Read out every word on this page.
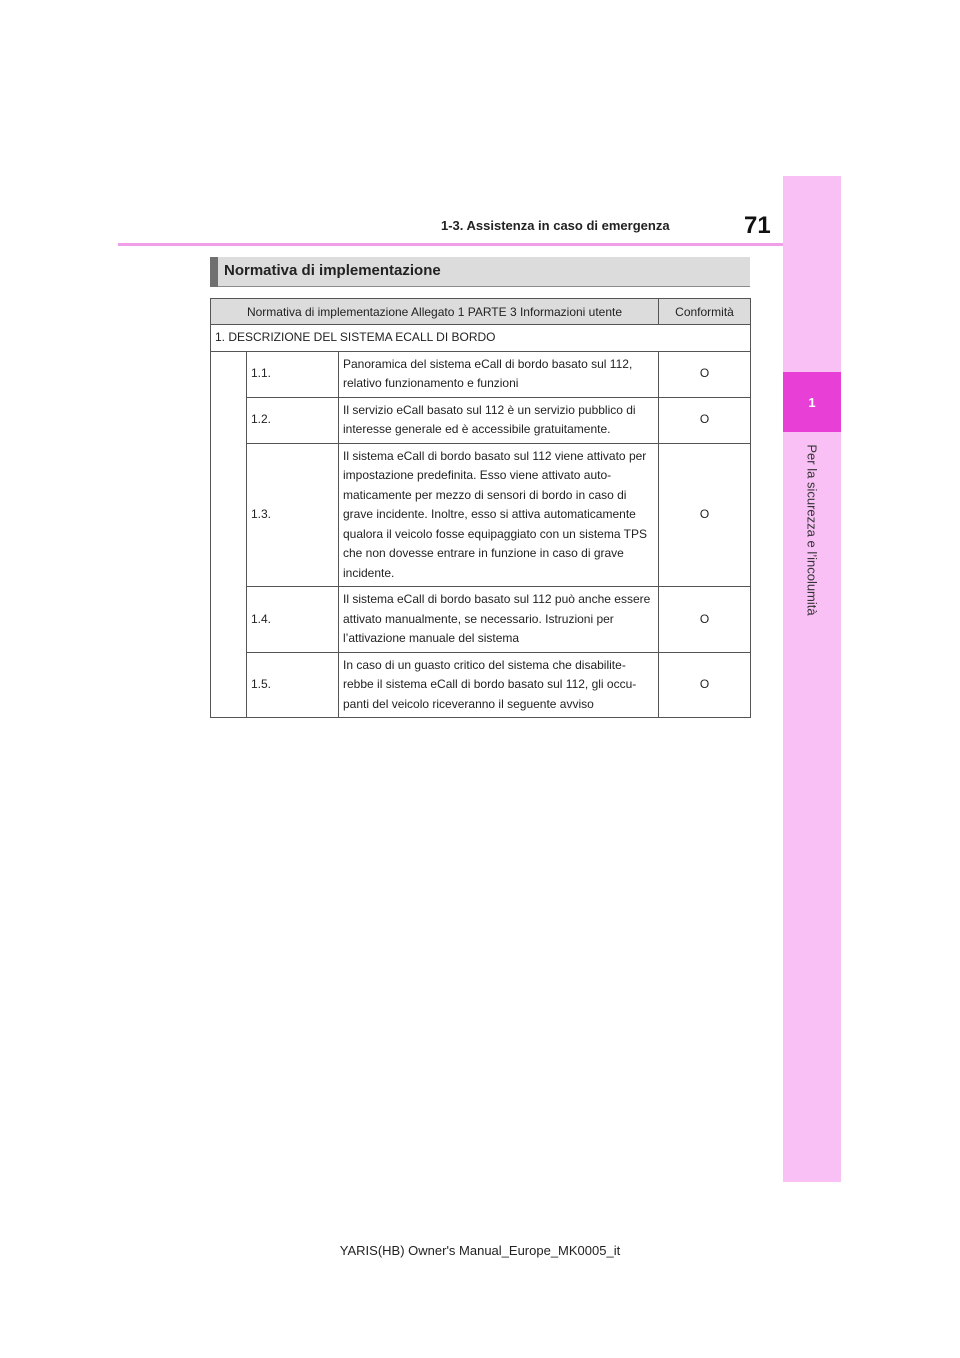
1
Per la sicurezza e l’incolumità
1-3. Assistenza in caso di emergenza	71
Normativa di implementazione
Normativa di implementazione Allegato 1 PARTE 3 Informazioni utente			Conformità
1. DESCRIZIONE DEL SISTEMA ECALL DI BORDO			
	1.1.	Panoramica del sistema eCall di bordo basato sul 112, relativo funzionamento e funzioni	O
	1.2.	Il servizio eCall basato sul 112 è un servizio pubblico di interesse generale ed è accessibile gratuitamente.	O
	1.3.	Il sistema eCall di bordo basato sul 112 viene attivato per impostazione predefinita. Esso viene attivato auto-maticamente per mezzo di sensori di bordo in caso di grave incidente. Inoltre, esso si attiva automaticamente qualora il veicolo fosse equipaggiato con un sistema TPS che non dovesse entrare in funzione in caso di grave incidente.	O
	1.4.	Il sistema eCall di bordo basato sul 112 può anche essere attivato manualmente, se necessario. Istruzioni per l’attivazione manuale del sistema	O
	1.5.	In caso di un guasto critico del sistema che disabilite-rebbe il sistema eCall di bordo basato sul 112, gli occu-panti del veicolo riceveranno il seguente avviso	O
YARIS(HB) Owner's Manual_Europe_MK0005_it
